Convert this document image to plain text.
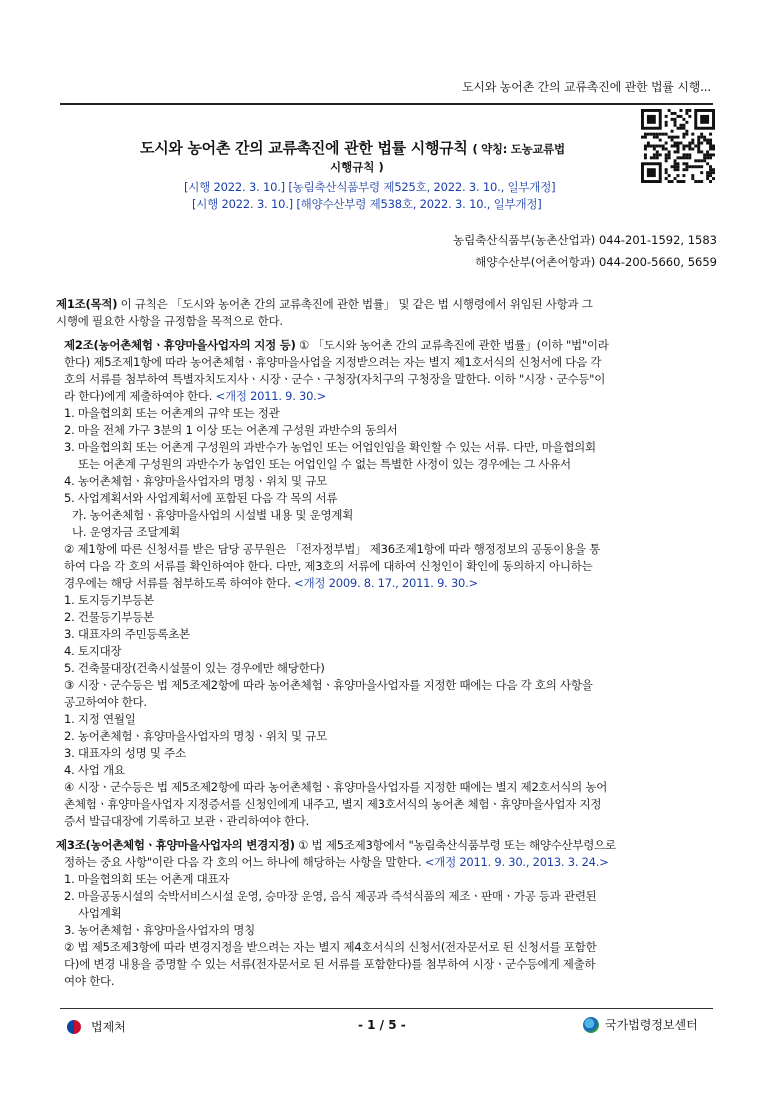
도시와 농어촌 간의 교류촉진에 관한 법률 시행...
도시와 농어촌 간의 교류촉진에 관한 법률 시행규칙 ( 약칭: 도농교류법
시행규칙 )
[시행 2022. 3. 10.] [농림축산식품부령 제525호, 2022. 3. 10., 일부개정]
[시행 2022. 3. 10.] [해양수산부령 제538호, 2022. 3. 10., 일부개정]
농림축산식품부(농촌산업과) 044-201-1592, 1583
해양수산부(어촌어항과) 044-200-5660, 5659
제1조(목적) 이 규칙은 「도시와 농어촌 간의 교류촉진에 관한 법률」 및 같은 법 시행령에서 위임된 사항과 그
시행에 필요한 사항을 규정함을 목적으로 한다.
제2조(농어촌체험ㆍ휴양마을사업자의 지정 등) ① 「도시와 농어촌 간의 교류촉진에 관한 법률」(이하 "법"이라
한다) 제5조제1항에 따라 농어촌체험ㆍ휴양마을사업을 지정받으려는 자는 별지 제1호서식의 신청서에 다음 각
호의 서류를 첨부하여 특별자치도지사ㆍ시장ㆍ군수ㆍ구청장(자치구의 구청장을 말한다. 이하 "시장ㆍ군수등"이
라 한다)에게 제출하여야 한다. <개정 2011. 9. 30.>
1. 마을협의회 또는 어촌계의 규약 또는 정관
2. 마을 전체 가구 3분의 1 이상 또는 어촌계 구성원 과반수의 동의서
3. 마을협의회 또는 어촌계 구성원의 과반수가 농업인 또는 어업인임을 확인할 수 있는 서류. 다만, 마을협의회
또는 어촌계 구성원의 과반수가 농업인 또는 어업인일 수 없는 특별한 사정이 있는 경우에는 그 사유서
4. 농어촌체험ㆍ휴양마을사업자의 명칭ㆍ위치 및 규모
5. 사업계획서와 사업계획서에 포함된 다음 각 목의 서류
가. 농어촌체험ㆍ휴양마을사업의 시설별 내용 및 운영계획
나. 운영자금 조달계획
② 제1항에 따른 신청서를 받은 담당 공무원은 「전자정부법」 제36조제1항에 따라 행정정보의 공동이용을 통
하여 다음 각 호의 서류를 확인하여야 한다. 다만, 제3호의 서류에 대하여 신청인이 확인에 동의하지 아니하는
경우에는 해당 서류를 첨부하도록 하여야 한다. <개정 2009. 8. 17., 2011. 9. 30.>
1. 토지등기부등본
2. 건물등기부등본
3. 대표자의 주민등록초본
4. 토지대장
5. 건축물대장(건축시설물이 있는 경우에만 해당한다)
③ 시장ㆍ군수등은 법 제5조제2항에 따라 농어촌체험ㆍ휴양마을사업자를 지정한 때에는 다음 각 호의 사항을
공고하여야 한다.
1. 지정 연월일
2. 농어촌체험ㆍ휴양마을사업자의 명칭ㆍ위치 및 규모
3. 대표자의 성명 및 주소
4. 사업 개요
④ 시장ㆍ군수등은 법 제5조제2항에 따라 농어촌체험ㆍ휴양마을사업자를 지정한 때에는 별지 제2호서식의 농어
촌체험ㆍ휴양마을사업자 지정증서를 신청인에게 내주고, 별지 제3호서식의 농어촌 체험ㆍ휴양마을사업자 지정
증서 발급대장에 기록하고 보관ㆍ관리하여야 한다.
제3조(농어촌체험ㆍ휴양마을사업자의 변경지정) ① 법 제5조제3항에서 "농림축산식품부령 또는 해양수산부령으로
정하는 중요 사항"이란 다음 각 호의 어느 하나에 해당하는 사항을 말한다. <개정 2011. 9. 30., 2013. 3. 24.>
1. 마을협의회 또는 어촌계 대표자
2. 마을공동시설의 숙박서비스시설 운영, 승마장 운영, 음식 제공과 즉석식품의 제조ㆍ판매ㆍ가공 등과 관련된
사업계획
3. 농어촌체험ㆍ휴양마을사업자의 명칭
② 법 제5조제3항에 따라 변경지정을 받으려는 자는 별지 제4호서식의 신청서(전자문서로 된 신청서를 포함한
다)에 변경 내용을 증명할 수 있는 서류(전자문서로 된 서류를 포함한다)를 첨부하여 시장ㆍ군수등에게 제출하
여야 한다.
법제처	- 1 / 5 -	국가법령정보센터
